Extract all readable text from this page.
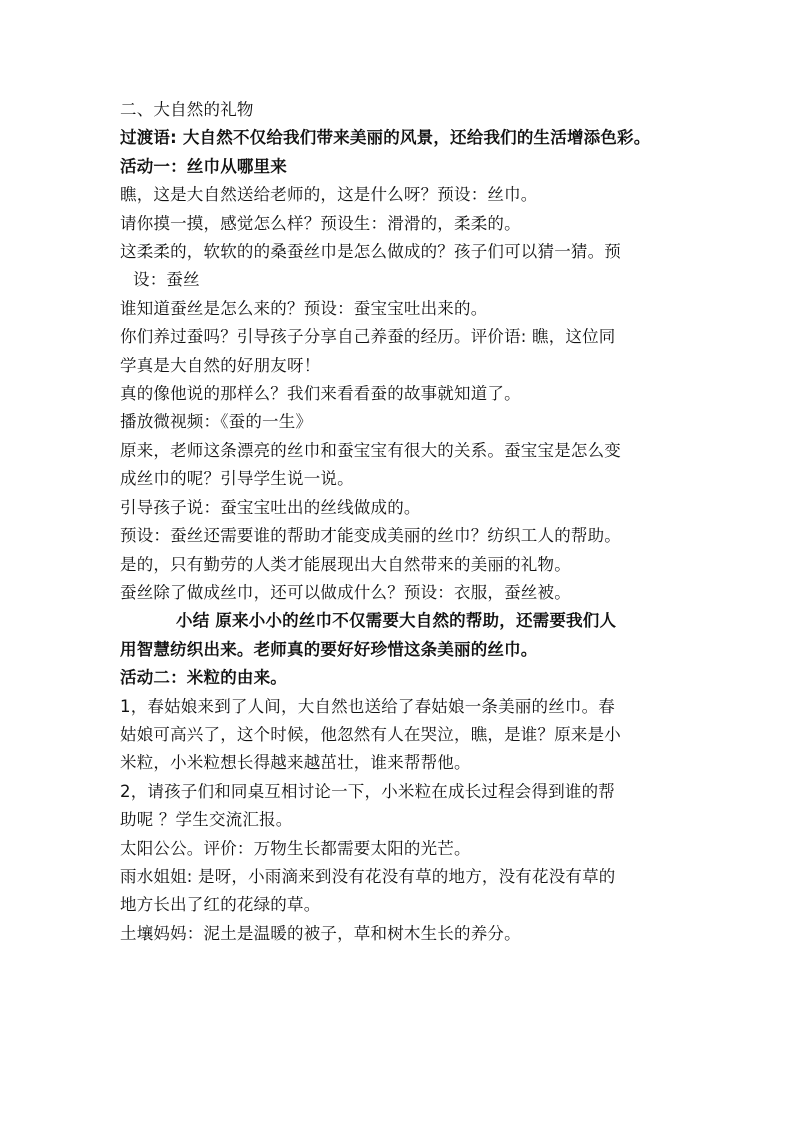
二、大自然的礼物

过渡语: 大自然不仅给我们带来美丽的风景，还给我们的生活增添色彩。

活动一：丝巾从哪里来

瞧，这是大自然送给老师的，这是什么呀？预设：丝巾。

请你摸一摸，感觉怎么样？预设生：滑滑的，柔柔的。

这柔柔的，软软的的桑蚕丝巾是怎么做成的？孩子们可以猜一猜。预

设：蚕丝

谁知道蚕丝是怎么来的？预设：蚕宝宝吐出来的。

你们养过蚕吗？引导孩子分享自己养蚕的经历。评价语: 瞧，这位同

学真是大自然的好朋友呀！

真的像他说的那样么？我们来看看蚕的故事就知道了。

播放微视频：《蚕的一生》

原来，老师这条漂亮的丝巾和蚕宝宝有很大的关系。蚕宝宝是怎么变

成丝巾的呢？引导学生说一说。

引导孩子说：蚕宝宝吐出的丝线做成的。

预设：蚕丝还需要谁的帮助才能变成美丽的丝巾？纺织工人的帮助。

是的，只有勤劳的人类才能展现出大自然带来的美丽的礼物。

蚕丝除了做成丝巾，还可以做成什么？预设：衣服，蚕丝被。

小结 原来小小的丝巾不仅需要大自然的帮助，还需要我们人

用智慧纺织出来。老师真的要好好珍惜这条美丽的丝巾。

活动二：米粒的由来。

1，春姑娘来到了人间，大自然也送给了春姑娘一条美丽的丝巾。春

姑娘可高兴了，这个时候，他忽然有人在哭泣，瞧，是谁？原来是小

米粒，小米粒想长得越来越茁壮，谁来帮帮他。

2，请孩子们和同桌互相讨论一下，小米粒在成长过程会得到谁的帮

助呢 ？学生交流汇报。

太阳公公。评价：万物生长都需要太阳的光芒。

雨水姐姐: 是呀，小雨滴来到没有花没有草的地方，没有花没有草的

地方长出了红的花绿的草。

土壤妈妈：泥土是温暖的被子，草和树木生长的养分。
